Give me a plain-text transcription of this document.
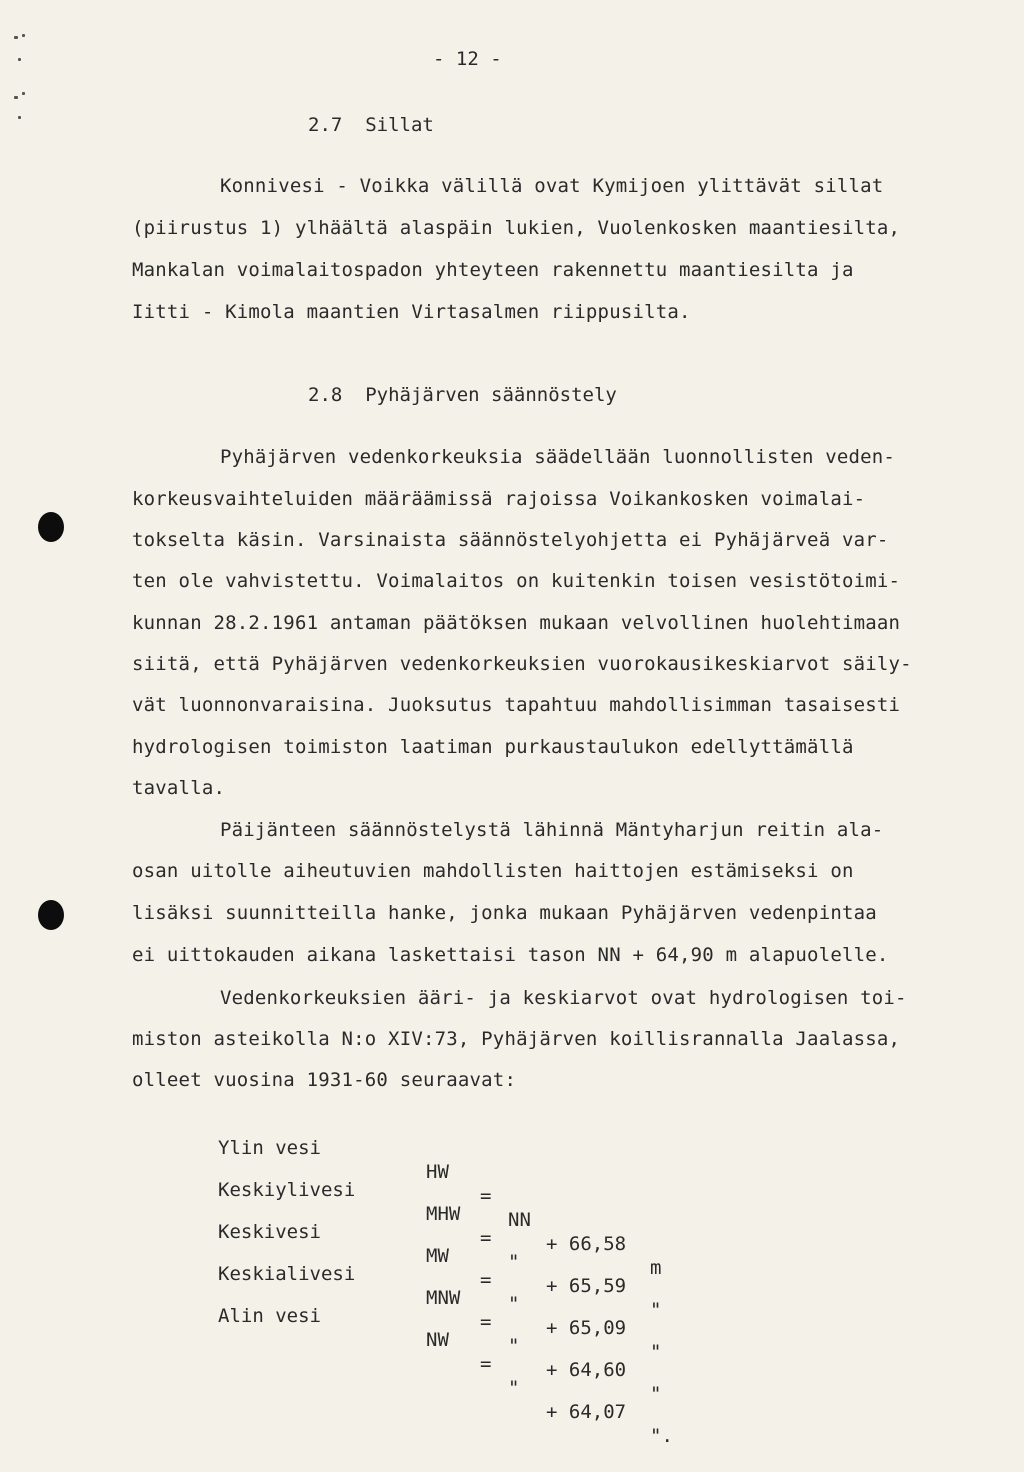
- 12 -
2.7  Sillat
Konnivesi - Voikka välillä ovat Kymijoen ylittävät sillat
(piirustus 1) ylhäältä alaspäin lukien, Vuolenkosken maantiesilta,
Mankalan voimalaitospadon yhteyteen rakennettu maantiesilta ja
Iitti - Kimola maantien Virtasalmen riippusilta.
2.8  Pyhäjärven säännöstely
Pyhäjärven vedenkorkeuksia säädellään luonnollisten veden-
korkeusvaihteluiden määräämissä rajoissa Voikankosken voimalai-
tokselta käsin. Varsinaista säännöstelyohjetta ei Pyhäjärveä var-
ten ole vahvistettu. Voimalaitos on kuitenkin toisen vesistötoimi-
kunnan 28.2.1961 antaman päätöksen mukaan velvollinen huolehtimaan
siitä, että Pyhäjärven vedenkorkeuksien vuorokausikeskiarvot säily-
vät luonnonvaraisina. Juoksutus tapahtuu mahdollisimman tasaisesti
hydrologisen toimiston laatiman purkaustaulukon edellyttämällä
tavalla.
Päijänteen säännöstelystä lähinnä Mäntyharjun reitin ala-
osan uitolle aiheutuvien mahdollisten haittojen estämiseksi on
lisäksi suunnitteilla hanke, jonka mukaan Pyhäjärven vedenpintaa
ei uittokauden aikana laskettaisi tason NN + 64,90 m alapuolelle.
Vedenkorkeuksien ääri- ja keskiarvot ovat hydrologisen toi-
miston asteikolla N:o XIV:73, Pyhäjärven koillisrannalla Jaalassa,
olleet vuosina 1931-60 seuraavat:

Ylin vesi

HW

=

NN

+ 66,58

m

Keskiylivesi

MHW

=

"

+ 65,59

"

Keskivesi

MW

=

"

+ 65,09

"

Keskialivesi

MNW

=

"

+ 64,60

"

Alin vesi

NW

=

"

+ 64,07

".
